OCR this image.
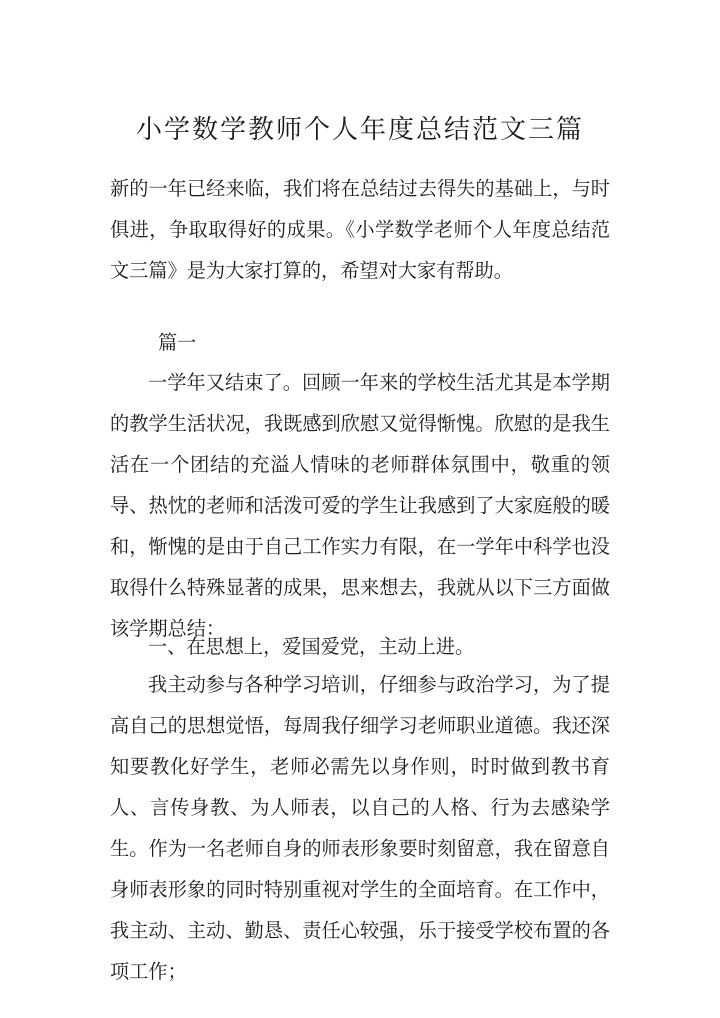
小学数学教师个人年度总结范文三篇

新的一年已经来临，我们将在总结过去得失的基础上，与时俱进，争取取得好的成果。《小学数学老师个人年度总结范文三篇》是为大家打算的，希望对大家有帮助。

篇一

一学年又结束了。回顾一年来的学校生活尤其是本学期的教学生活状况，我既感到欣慰又觉得惭愧。欣慰的是我生活在一个团结的充溢人情味的老师群体氛围中，敬重的领导、热忱的老师和活泼可爱的学生让我感到了大家庭般的暖和，惭愧的是由于自己工作实力有限，在一学年中科学也没取得什么特殊显著的成果，思来想去，我就从以下三方面做该学期总结：

一、在思想上，爱国爱党，主动上进。

我主动参与各种学习培训，仔细参与政治学习，为了提高自己的思想觉悟，每周我仔细学习老师职业道德。我还深知要教化好学生，老师必需先以身作则，时时做到教书育人、言传身教、为人师表，以自己的人格、行为去感染学生。作为一名老师自身的师表形象要时刻留意，我在留意自身师表形象的同时特别重视对学生的全面培育。在工作中，我主动、主动、勤恳、责任心较强，乐于接受学校布置的各项工作；
